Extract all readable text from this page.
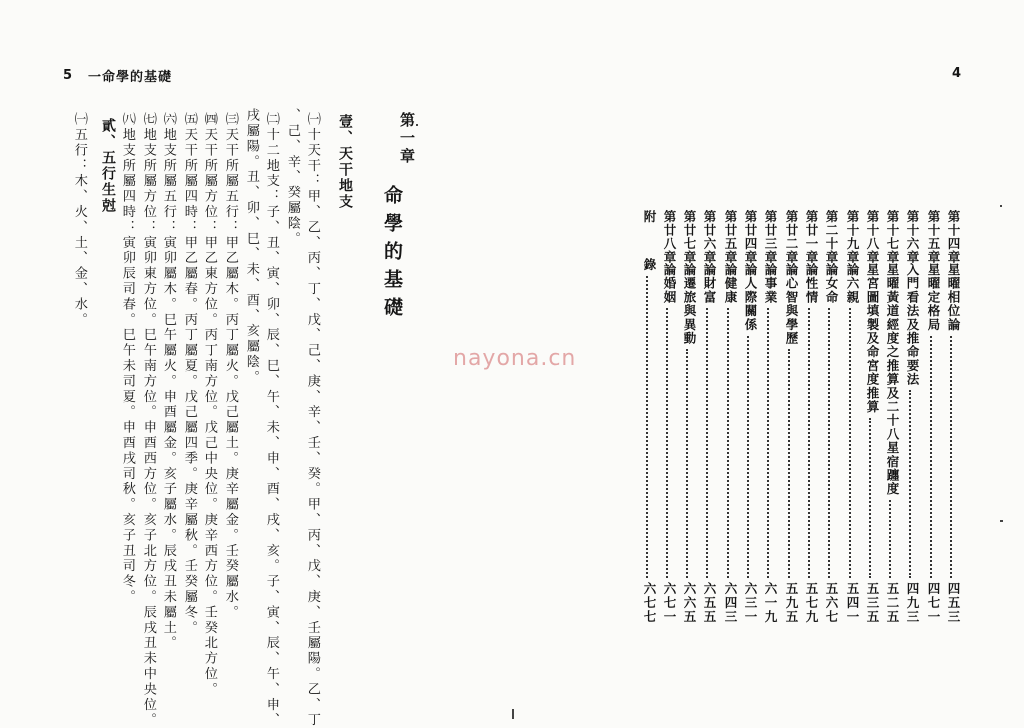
5 一命學的基礎
第一章
命學的基礎
壹、天干地支
㈠十天干：甲、乙、丙、丁、戊、己、庚、辛、壬、癸。甲、丙、戊、庚、壬屬陽。乙、丁
、己、辛、癸屬陰。
㈡十二地支：子、丑、寅、卯、辰、巳、午、未、申、酉、戌、亥。子、寅、辰、午、申、
戌屬陽。丑、卯、巳、未、酉、亥屬陰。
㈢天干所屬五行：甲乙屬木。丙丁屬火。戊己屬土。庚辛屬金。壬癸屬水。
㈣天干所屬方位：甲乙東方位。丙丁南方位。戊己中央位。庚辛西方位。壬癸北方位。
㈤天干所屬四時：甲乙屬春。丙丁屬夏。戊己屬四季。庚辛屬秋。壬癸屬冬。
㈥地支所屬五行：寅卯屬木。巳午屬火。申酉屬金。亥子屬水。辰戌丑未屬土。
㈦地支所屬方位：寅卯東方位。巳午南方位。申酉西方位。亥子北方位。辰戌丑未中央位。
㈧地支所屬四時：寅卯辰司春。巳午未司夏。申酉戌司秋。亥子丑司冬。
貳、五行生尅
㈠五行：木、火、土、金、水。
4
第十四章
星曜相位論
四五三
第十五章
星曜定格局
四七一
第十六章
入門看法及推命要法
四九三
第十七章
星曜黃道經度之推算及二十八星宿躔度
五二五
第十八章
星宮圖填製及命宮度推算
五三五
第十九章
論六親
五四一
第二十章
論女命
五六七
第廿一章
論性情
五七九
第廿二章
論心智與學歷
五九五
第廿三章
論事業
六一九
第廿四章
論人際關係
六三一
第廿五章
論健康
六四三
第廿六章
論財富
六五五
第廿七章
論遷旅與異動
六六五
第廿八章
論婚姻
六七一
附
錄
六七七
nayona.cn
